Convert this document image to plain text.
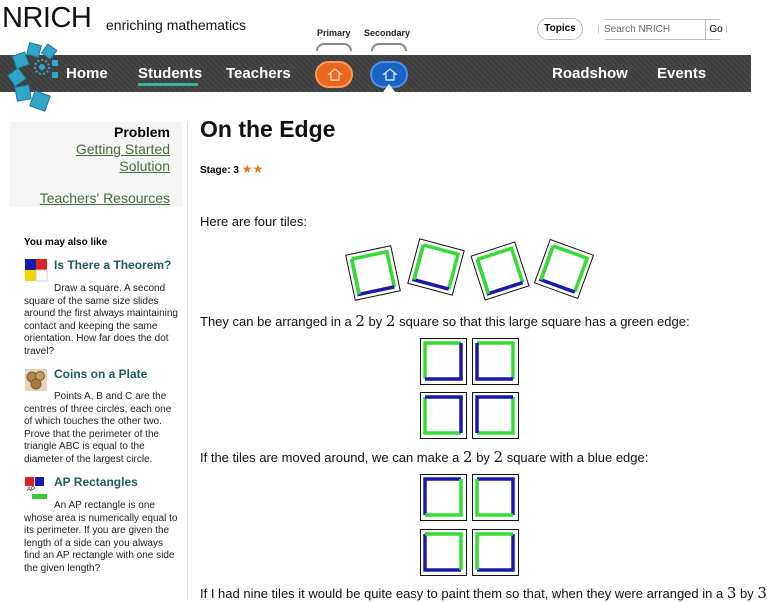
NRICH enriching mathematics	Primary Secondary	Topics
Search NRICH	Go
Home Students Teachers	Roadshow Events
Problem
Getting Started
Solution
Teachers' Resources
You may also like
Is There a Theorem?
Draw a square. A second square of the same size slides around the first always maintaining contact and keeping the same orientation. How far does the dot travel?
Coins on a Plate
Points A, B and C are the centres of three circles, each one of which touches the other two. Prove that the perimeter of the triangle ABC is equal to the diameter of the largest circle.
AP
AP Rectangles
An AP rectangle is one whose area is numerically equal to its perimeter. If you are given the length of a side can you always find an AP rectangle with one side the given length?
On the Edge
Stage: 3 ★★
Here are four tiles:
They can be arranged in a 2 by 2 square so that this large square has a green edge:
If the tiles are moved around, we can make a 2 by 2 square with a blue edge:
If I had nine tiles it would be quite easy to paint them so that, when they were arranged in a 3 by 3
